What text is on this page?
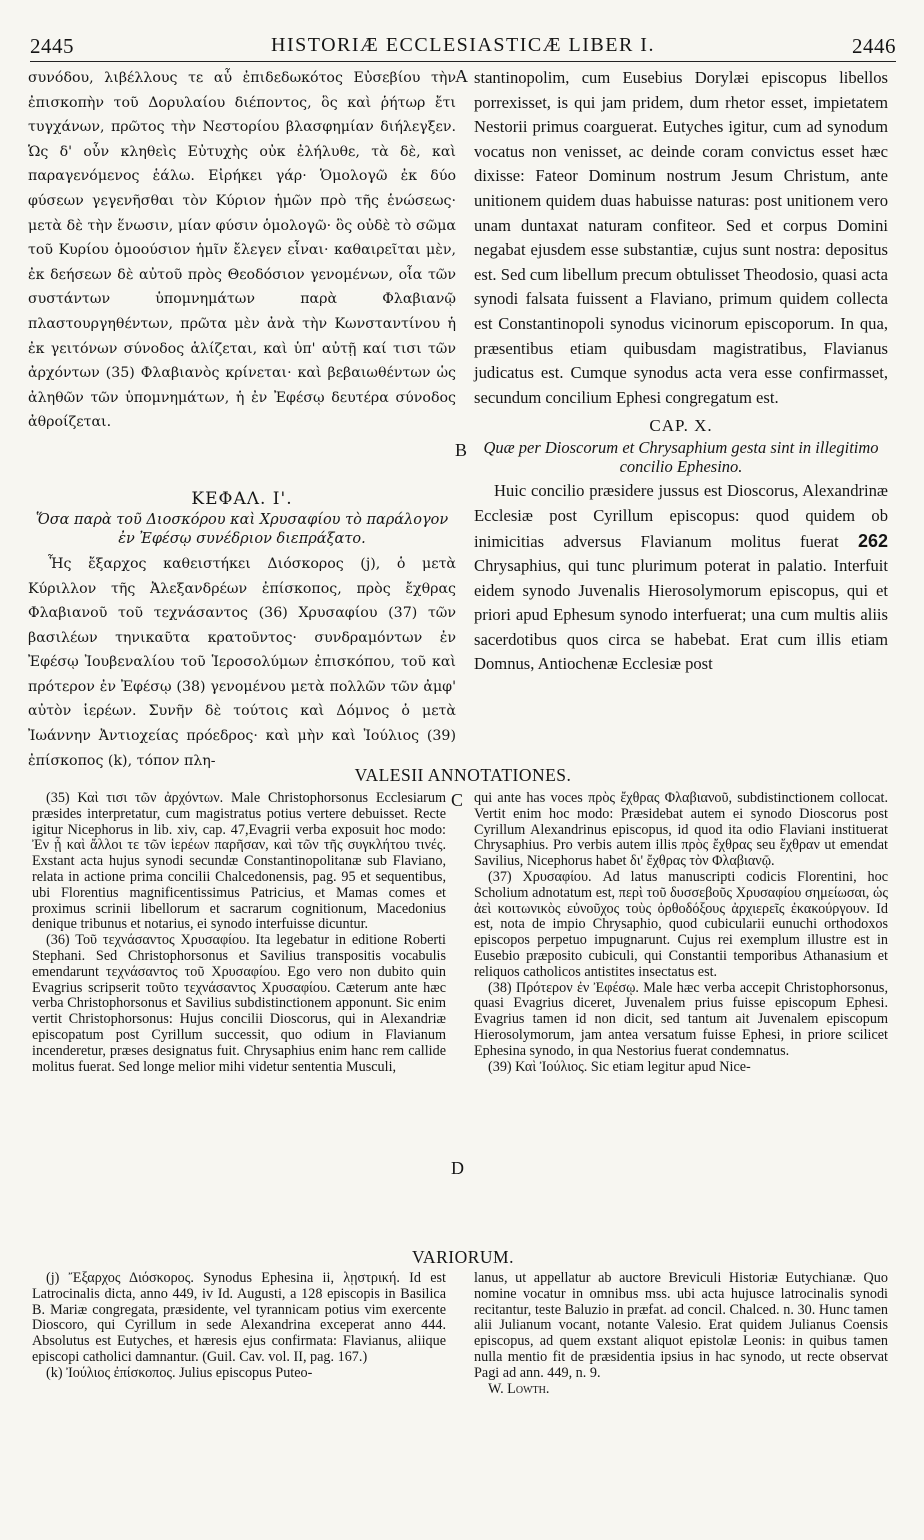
2445	HISTORIÆ ECCLESIASTICÆ LIBER I.	2446

συνόδου, λιβέλλους τε αὖ ἐπιδεδωκότος Εὐσεβίου τὴν ἐπισκοπὴν τοῦ Δορυλαίου διέποντος, ὃς καὶ ῥήτωρ ἔτι τυγχάνων, πρῶτος τὴν Νεστορίου βλασφημίαν διήλεγξεν. Ὡς δ' οὖν κληθεὶς Εὐτυχὴς οὐκ ἐλήλυθε, τὰ δὲ, καὶ παραγενόμενος ἑάλω. Εἰρήκει γάρ· Ὁμολογῶ ἐκ δύο φύσεων γεγενῆσθαι τὸν Κύριον ἡμῶν πρὸ τῆς ἑνώσεως· μετὰ δὲ τὴν ἕνωσιν, μίαν φύσιν ὁμολογῶ· ὃς οὐδὲ τὸ σῶμα τοῦ Κυρίου ὁμοούσιον ἡμῖν ἔλεγεν εἶναι· καθαιρεῖται μὲν, ἐκ δεήσεων δὲ αὐτοῦ πρὸς Θεοδόσιον γενομένων, οἷα τῶν συστάντων ὑπομνημάτων παρὰ Φλαβιανῷ πλαστουργηθέντων, πρῶτα μὲν ἀνὰ τὴν Κωνσταντίνου ἡ ἐκ γειτόνων σύνοδος ἁλίζεται, καὶ ὑπ' αὐτῇ καί τισι τῶν ἀρχόντων (35) Φλαβιανὸς κρίνεται· καὶ βεβαιωθέντων ὡς ἀληθῶν τῶν ὑπομνημάτων, ἡ ἐν Ἐφέσῳ δευτέρα σύνοδος ἀθροίζεται.

ΚΕΦΑΛ. Ι'.

Ὅσα παρὰ τοῦ Διοσκόρου καὶ Χρυσαφίου τὸ παράλογον ἐν Ἐφέσῳ συνέδριον διεπράξατο.

Ἧς ἔξαρχος καθειστήκει Διόσκορος (j), ὁ μετὰ Κύριλλον τῆς Ἀλεξανδρέων ἐπίσκοπος, πρὸς ἔχθρας Φλαβιανοῦ τοῦ τεχνάσαντος (36) Χρυσαφίου (37) τῶν βασιλέων τηνικαῦτα κρατοῦντος· συνδραμόντων ἐν Ἐφέσῳ Ἰουβεναλίου τοῦ Ἱεροσολύμων ἐπισκόπου, τοῦ καὶ πρότερον ἐν Ἐφέσῳ (38) γενομένου μετὰ πολλῶν τῶν ἀμφ' αὐτὸν ἱερέων. Συνῆν δὲ τούτοις καὶ Δόμνος ὁ μετὰ Ἰωάννην Ἀντιοχείας πρόεδρος· καὶ μὴν καὶ Ἰούλιος (39) ἐπίσκοπος (k), τόπον πλη-

A
B

stantinopolim, cum Eusebius Dorylæi episcopus libellos porrexisset, is qui jam pridem, dum rhetor esset, impietatem Nestorii primus coarguerat. Eutyches igitur, cum ad synodum vocatus non venisset, ac deinde coram convictus esset hæc dixisse: Fateor Dominum nostrum Jesum Christum, ante unitionem quidem duas habuisse naturas: post unitionem vero unam duntaxat naturam confiteor. Sed et corpus Domini negabat ejusdem esse substantiæ, cujus sunt nostra: depositus est. Sed cum libellum precum obtulisset Theodosio, quasi acta synodi falsata fuissent a Flaviano, primum quidem collecta est Constantinopoli synodus vicinorum episcoporum. In qua, præsentibus etiam quibusdam magistratibus, Flavianus judicatus est. Cumque synodus acta vera esse confirmasset, secundum concilium Ephesi congregatum est.

CAP. X.

Quæ per Dioscorum et Chrysaphium gesta sint in illegitimo concilio Ephesino.

Huic concilio præsidere jussus est Dioscorus, Alexandrinæ Ecclesiæ post Cyrillum episcopus: quod quidem ob inimicitias adversus Flavianum molitus fuerat 262 Chrysaphius, qui tunc plurimum poterat in palatio. Interfuit eidem synodo Juvenalis Hierosolymorum episcopus, qui et priori apud Ephesum synodo interfuerat; una cum multis aliis sacerdotibus quos circa se habebat. Erat cum illis etiam Domnus, Antiochenæ Ecclesiæ post

VALESII ANNOTATIONES.
C
D

(35) Καὶ τισι τῶν ἀρχόντων. Male Christophorsonus Ecclesiarum præsides interpretatur, cum magistratus potius vertere debuisset. Recte igitur Nicephorus in lib. xiv, cap. 47,Evagrii verba exposuit hoc modo: Ἐν ᾗ καὶ ἄλλοι τε τῶν ἱερέων παρῆσαν, καὶ τῶν τῆς συγκλήτου τινές. Exstant acta hujus synodi secundæ Constantinopolitanæ sub Flaviano, relata in actione prima concilii Chalcedonensis, pag. 95 et sequentibus, ubi Florentius magnificentissimus Patricius, et Mamas comes et proximus scrinii libellorum et sacrarum cognitionum, Macedonius denique tribunus et notarius, ei synodo interfuisse dicuntur.

(36) Τοῦ τεχνάσαντος Χρυσαφίου. Ita legebatur in editione Roberti Stephani. Sed Christophorsonus et Savilius transpositis vocabulis emendarunt τεχνάσαντος τοῦ Χρυσαφίου. Ego vero non dubito quin Evagrius scripserit τοῦτο τεχνάσαντος Χρυσαφίου. Cæterum ante hæc verba Christophorsonus et Savilius subdistinctionem apponunt. Sic enim vertit Christophorsonus: Hujus concilii Dioscorus, qui in Alexandriæ episcopatum post Cyrillum successit, quo odium in Flavianum incenderetur, præses designatus fuit. Chrysaphius enim hanc rem callide molitus fuerat. Sed longe melior mihi videtur sententia Musculi,

qui ante has voces πρὸς ἔχθρας Φλαβιανοῦ, subdistinctionem collocat. Vertit enim hoc modo: Præsidebat autem ei synodo Dioscorus post Cyrillum Alexandrinus episcopus, id quod ita odio Flaviani instituerat Chrysaphius. Pro verbis autem illis πρὸς ἔχθρας seu ἔχθραν ut emendat Savilius, Nicephorus habet δι' ἔχθρας τὸν Φλαβιανῷ.

(37) Χρυσαφίου. Ad latus manuscripti codicis Florentini, hoc Scholium adnotatum est, περὶ τοῦ δυσσεβοῦς Χρυσαφίου σημείωσαι, ὡς ἀεὶ κοιτωνικὸς εὐνοῦχος τοὺς ὀρθοδόξους ἀρχιερεῖς ἐκακούργουν. Id est, nota de impio Chrysaphio, quod cubicularii eunuchi orthodoxos episcopos perpetuo impugnarunt. Cujus rei exemplum illustre est in Eusebio præposito cubiculi, qui Constantii temporibus Athanasium et reliquos catholicos antistites insectatus est.

(38) Πρότερον ἐν Ἐφέσῳ. Male hæc verba accepit Christophorsonus, quasi Evagrius diceret, Juvenalem prius fuisse episcopum Ephesi. Evagrius tamen id non dicit, sed tantum ait Juvenalem episcopum Hierosolymorum, jam antea versatum fuisse Ephesi, in priore scilicet Ephesina synodo, in qua Nestorius fuerat condemnatus.

(39) Καὶ Ἰούλιος. Sic etiam legitur apud Nice-

VARIORUM.

(j) Ἔξαρχος Διόσκορος. Synodus Ephesina ii, λῃστρική. Id est Latrocinalis dicta, anno 449, iv Id. Augusti, a 128 episcopis in Basilica B. Mariæ congregata, præsidente, vel tyrannicam potius vim exercente Dioscoro, qui Cyrillum in sede Alexandrina exceperat anno 444. Absolutus est Eutyches, et hæresis ejus confirmata: Flavianus, aliique episcopi catholici damnantur. (Guil. Cav. vol. II, pag. 167.)

(k) Ἰούλιος ἐπίσκοπος. Julius episcopus Puteo-

lanus, ut appellatur ab auctore Breviculi Historiæ Eutychianæ. Quo nomine vocatur in omnibus mss. ubi acta hujusce latrocinalis synodi recitantur, teste Baluzio in præfat. ad concil. Chalced. n. 30. Hunc tamen alii Julianum vocant, notante Valesio. Erat quidem Julianus Coensis episcopus, ad quem exstant aliquot epistolæ Leonis: in quibus tamen nulla mentio fit de præsidentia ipsius in hac synodo, ut recte observat Pagi ad ann. 449, n. 9.

W. Lowth.
